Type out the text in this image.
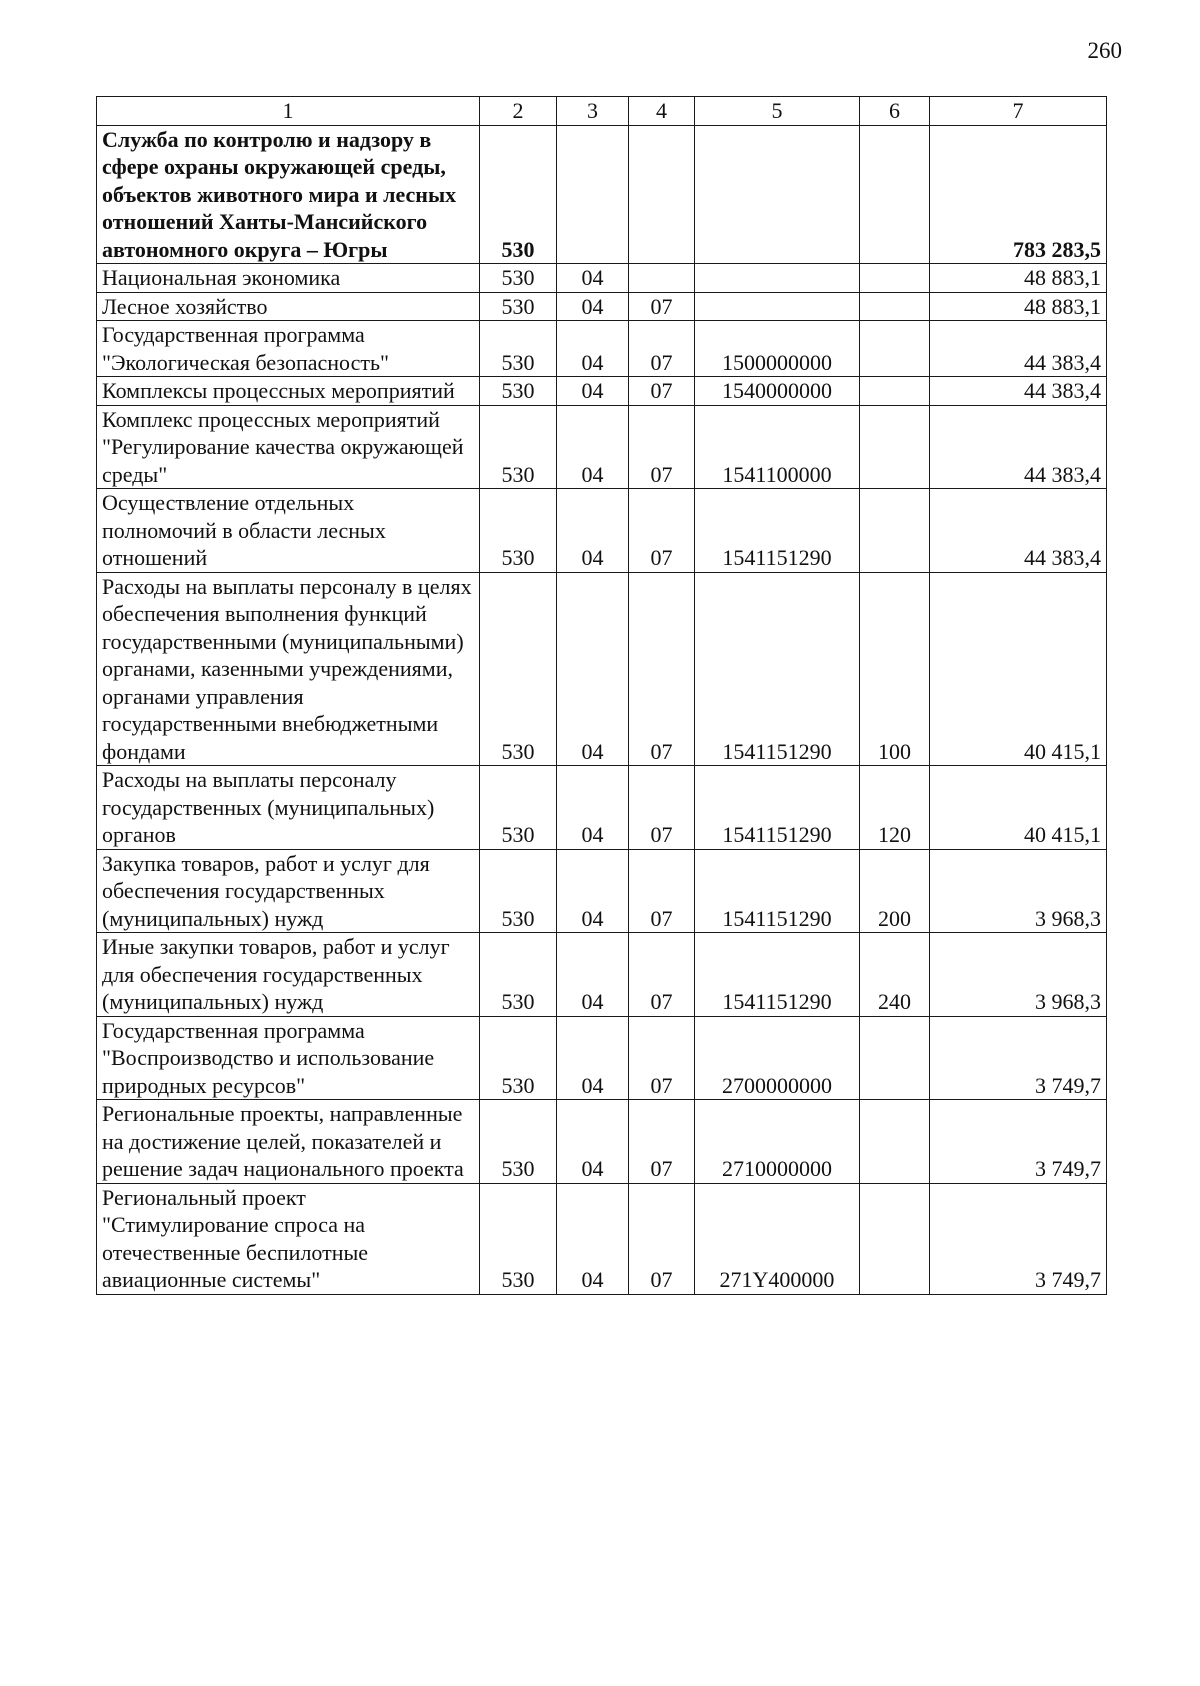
260
1	2	3	4	5	6	7
Служба по контролю и надзору в сфере охраны окружающей среды, объектов животного мира и лесных отношений Ханты-Мансийского автономного округа – Югры	530					783 283,5
Национальная экономика	530	04				48 883,1
Лесное хозяйство	530	04	07			48 883,1
Государственная программа "Экологическая безопасность"	530	04	07	1500000000		44 383,4
Комплексы процессных мероприятий	530	04	07	1540000000		44 383,4
Комплекс процессных мероприятий "Регулирование качества окружающей среды"	530	04	07	1541100000		44 383,4
Осуществление отдельных полномочий в области лесных отношений	530	04	07	1541151290		44 383,4
Расходы на выплаты персоналу в целях обеспечения выполнения функций государственными (муниципальными) органами, казенными учреждениями, органами управления государственными внебюджетными фондами	530	04	07	1541151290	100	40 415,1
Расходы на выплаты персоналу государственных (муниципальных) органов	530	04	07	1541151290	120	40 415,1
Закупка товаров, работ и услуг для обеспечения государственных (муниципальных) нужд	530	04	07	1541151290	200	3 968,3
Иные закупки товаров, работ и услуг для обеспечения государственных (муниципальных) нужд	530	04	07	1541151290	240	3 968,3
Государственная программа "Воспроизводство и использование природных ресурсов"	530	04	07	2700000000		3 749,7
Региональные проекты, направленные на достижение целей, показателей и решение задач национального проекта	530	04	07	2710000000		3 749,7
Региональный проект "Стимулирование спроса на отечественные беспилотные авиационные системы"	530	04	07	271Y400000		3 749,7
